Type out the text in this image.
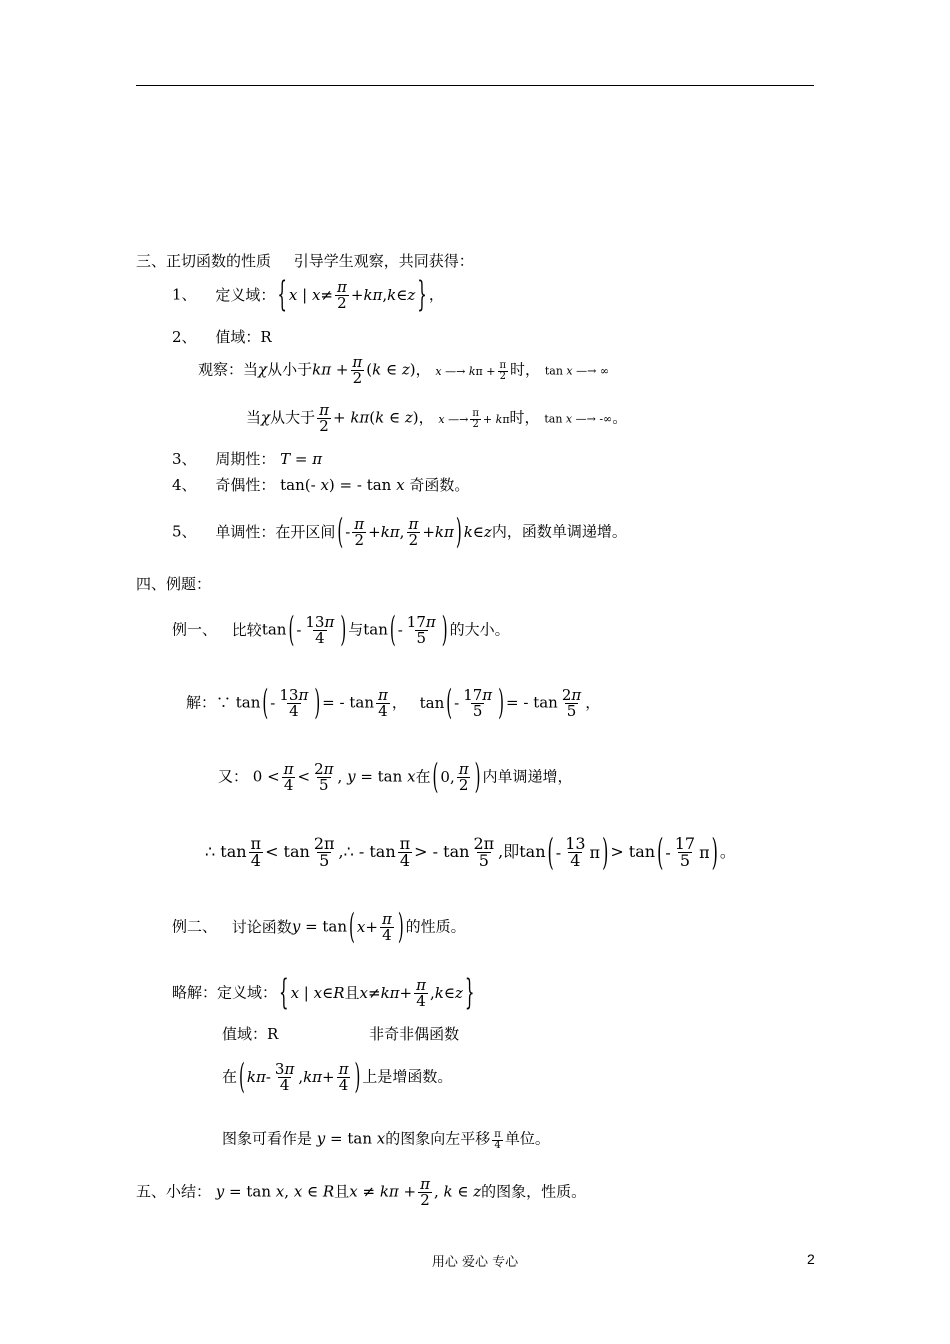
三、正切函数的性质 引导学生观察，共同获得：
1、 定义域： { x | $x \ne \frac{\pi}{2} + k\pi$ , k ∈ z } ，
2、 值域：R
观察：当χ从小于$k\pi + \frac{\pi}{2} (k$ ∈ z)， x —→ $k\pi + \frac{\pi}{2}$ 时， tan x —→ ∞
当χ从大于 $\frac{\pi}{2} + k\pi(k$ ∈ z)， x —→ $\frac{\pi}{2} + k\pi$时， tan x —→ -∞。
3、 周期性： T = π
4、 奇偶性： tan(- x) = - tan x 奇函数。
5、 单调性：在开区间 ( - $\frac{\pi}{2} + k\pi$ , $\frac{\pi}{2} + k\pi$ ) k ∈ z 内，函数单调递增。
四、例题：
例一、 比较tan ( - $\frac{13\pi}{4}$ ) 与tan ( - $\frac{17\pi}{5}$ ) 的大小。
解：∵ tan ( - $\frac{13\pi}{4}$ ) = - $\tan \frac{\pi}{4}$ ， tan ( - $\frac{17\pi}{5}$ ) = - $\tan \frac{2\pi}{5}$ ，
又： $0 < \frac{\pi}{4} < \frac{2\pi}{5}$ , y = tan x在 ( 0, $\frac{\pi}{2}$ ) 内单调递增，
∴ $\tan \frac{\pi}{4} < \tan \frac{2\pi}{5}$ ,∴ - $\tan \frac{\pi}{4}$ > - $\tan \frac{2\pi}{5}$ ,即tan ( - $\frac{13}{4}$ π ) > tan ( - $\frac{17}{5}$ π ) 。
例二、 讨论函数y = tan ( $x + \frac{\pi}{4}$ ) 的性质。
略解：定义域： { x | x ∈ R 且 $x \ne k\pi + \frac{\pi}{4}$ , k ∈ z }
值域：R	非奇非偶函数
在 ( kπ - $\frac{3\pi}{4}$ , $k\pi + \frac{\pi}{4}$ ) 上是增函数。
图象可看作是 y = tan x的图象向左平移 $\frac{\pi}{4}$ 单位。
五、小结： y = tan x, x ∈ R且$x \ne k\pi + \frac{\pi}{2}$ , k ∈ z的图象，性质。
用心 爱心 专心	2
